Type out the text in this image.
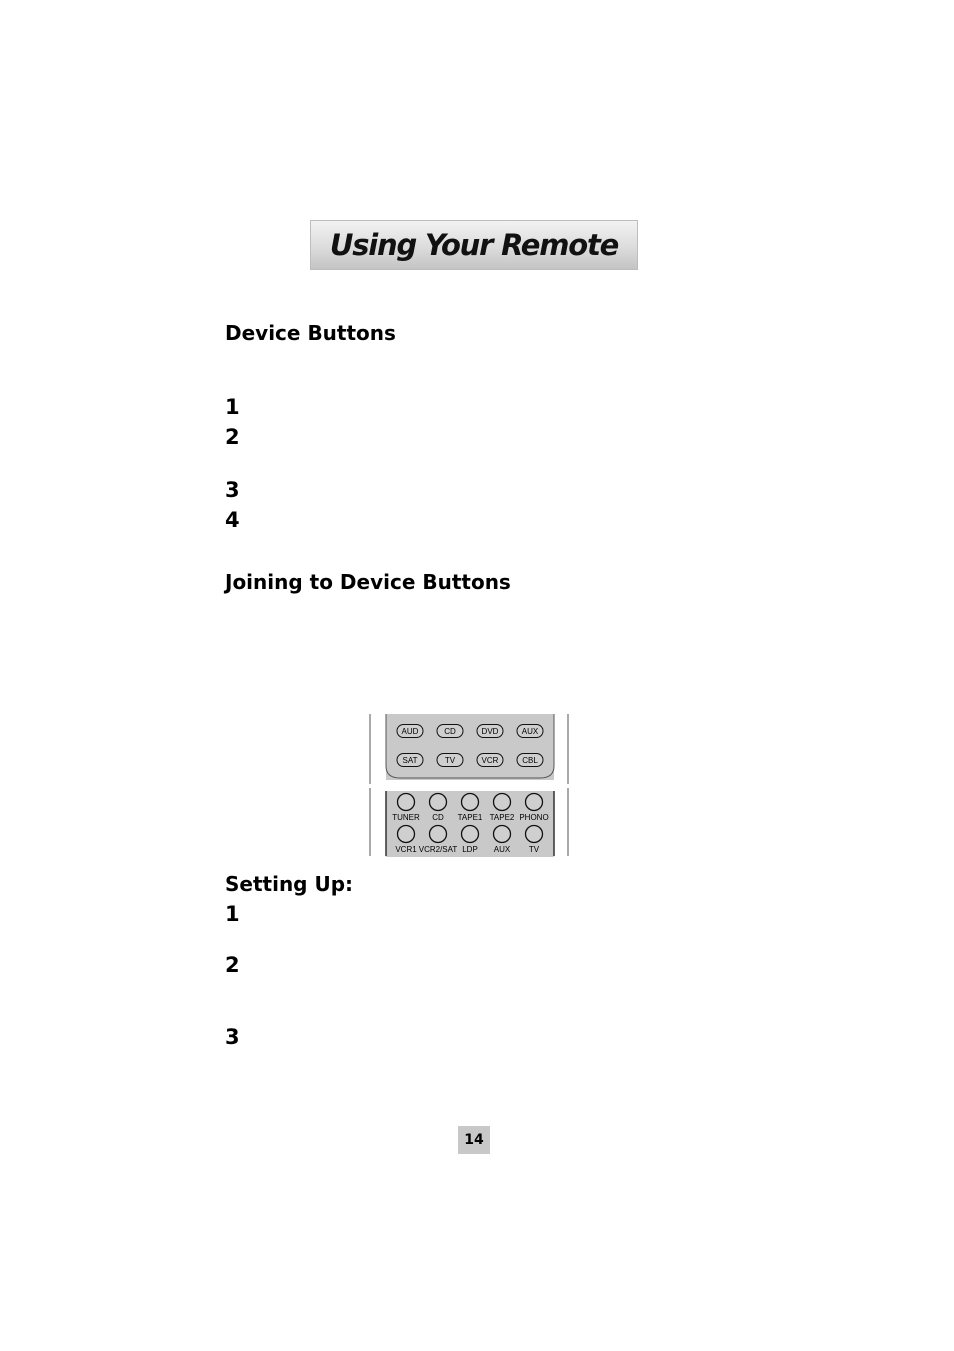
Using Your Remote
Device Buttons
1
2
3
4
Joining to Device Buttons
AUD	CD	DVD	AUX
SAT	TV	VCR	CBL
TUNER CD TAPE1 TAPE2 PHONO
VCR1 VCR2/SAT LDP AUX TV
Setting Up:
1
2
3
14
